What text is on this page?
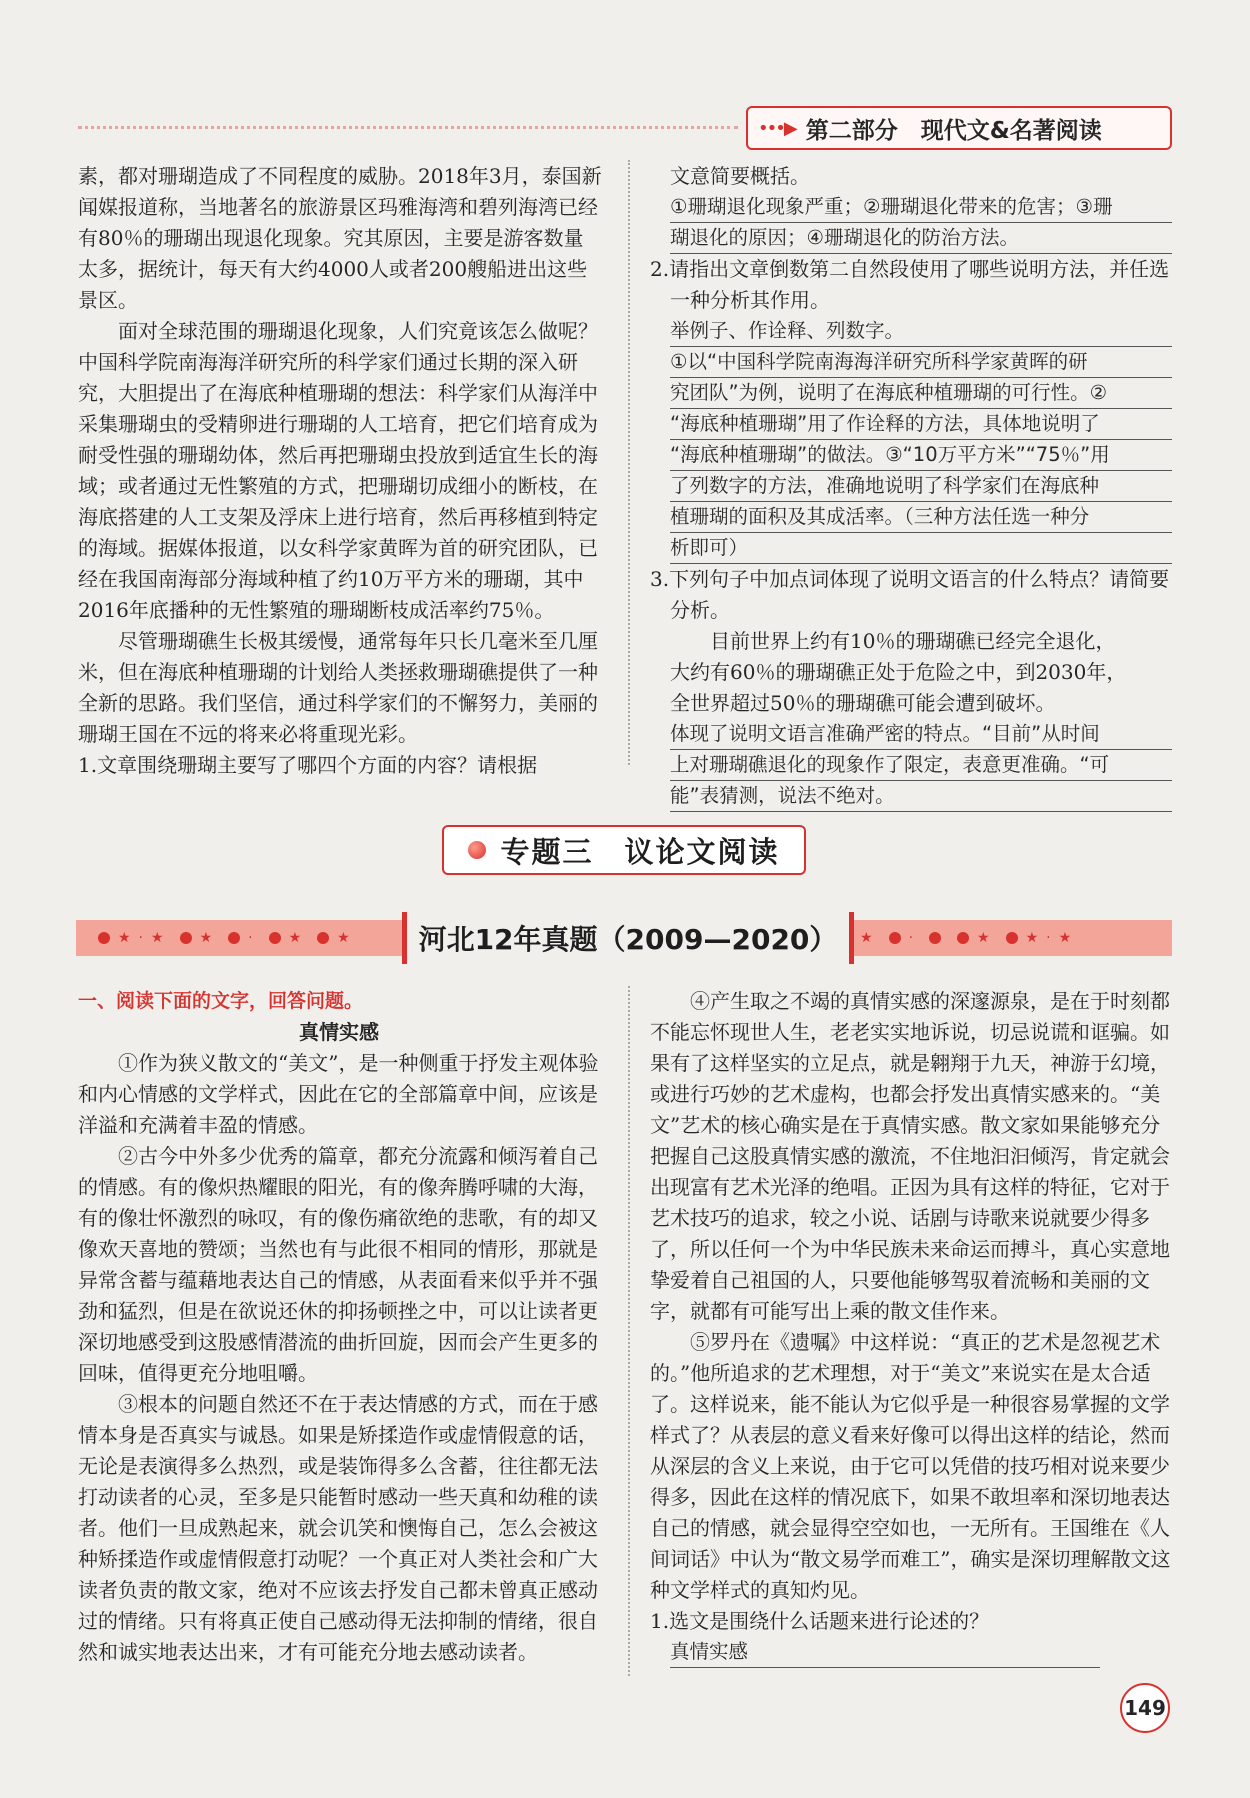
•••▶ 第二部分　现代文&名著阅读

素，都对珊瑚造成了不同程度的威胁。2018年3月，泰国新闻媒报道称，当地著名的旅游景区玛雅海湾和碧列海湾已经有80％的珊瑚出现退化现象。究其原因，主要是游客数量太多，据统计，每天有大约4000人或者200艘船进出这些景区。

面对全球范围的珊瑚退化现象，人们究竟该怎么做呢？中国科学院南海海洋研究所的科学家们通过长期的深入研究，大胆提出了在海底种植珊瑚的想法：科学家们从海洋中采集珊瑚虫的受精卵进行珊瑚的人工培育，把它们培育成为耐受性强的珊瑚幼体，然后再把珊瑚虫投放到适宜生长的海域；或者通过无性繁殖的方式，把珊瑚切成细小的断枝，在海底搭建的人工支架及浮床上进行培育，然后再移植到特定的海域。据媒体报道，以女科学家黄晖为首的研究团队，已经在我国南海部分海域种植了约10万平方米的珊瑚，其中2016年底播种的无性繁殖的珊瑚断枝成活率约75％。

尽管珊瑚礁生长极其缓慢，通常每年只长几毫米至几厘米，但在海底种植珊瑚的计划给人类拯救珊瑚礁提供了一种全新的思路。我们坚信，通过科学家们的不懈努力，美丽的珊瑚王国在不远的将来必将重现光彩。

1.文章围绕珊瑚主要写了哪四个方面的内容？请根据

文意简要概括。

①珊瑚退化现象严重；②珊瑚退化带来的危害；③珊
瑚退化的原因；④珊瑚退化的防治方法。

2.请指出文章倒数第二自然段使用了哪些说明方法，并任选一种分析其作用。

举例子、作诠释、列数字。
①以“中国科学院南海海洋研究所科学家黄晖的研
究团队”为例，说明了在海底种植珊瑚的可行性。②
“海底种植珊瑚”用了作诠释的方法，具体地说明了
“海底种植珊瑚”的做法。③“10万平方米”“75％”用
了列数字的方法，准确地说明了科学家们在海底种
植珊瑚的面积及其成活率。（三种方法任选一种分
析即可）

3.下列句子中加点词体现了说明文语言的什么特点？请简要分析。

目前世界上约有10％的珊瑚礁已经完全退化，

大约有60％的珊瑚礁正处于危险之中，到2030年，

全世界超过50％的珊瑚礁可能会遭到破坏。

体现了说明文语言准确严密的特点。“目前”从时间
上对珊瑚礁退化的现象作了限定，表意更准确。“可
能”表猜测，说法不绝对。
专题三　议论文阅读
★·★ ★ · ★ ★	★ ·	★ ★·★
河北12年真题（2009—2020）

一、阅读下面的文字，回答问题。

真情实感

①作为狭义散文的“美文”，是一种侧重于抒发主观体验和内心情感的文学样式，因此在它的全部篇章中间，应该是洋溢和充满着丰盈的情感。

②古今中外多少优秀的篇章，都充分流露和倾泻着自己的情感。有的像炽热耀眼的阳光，有的像奔腾呼啸的大海，有的像壮怀激烈的咏叹，有的像伤痛欲绝的悲歌，有的却又像欢天喜地的赞颂；当然也有与此很不相同的情形，那就是异常含蓄与蕴藉地表达自己的情感，从表面看来似乎并不强劲和猛烈，但是在欲说还休的抑扬顿挫之中，可以让读者更深切地感受到这股感情潜流的曲折回旋，因而会产生更多的回味，值得更充分地咀嚼。

③根本的问题自然还不在于表达情感的方式，而在于感情本身是否真实与诚恳。如果是矫揉造作或虚情假意的话，无论是表演得多么热烈，或是装饰得多么含蓄，往往都无法打动读者的心灵，至多是只能暂时感动一些天真和幼稚的读者。他们一旦成熟起来，就会讥笑和懊悔自己，怎么会被这种矫揉造作或虚情假意打动呢？一个真正对人类社会和广大读者负责的散文家，绝对不应该去抒发自己都未曾真正感动过的情绪。只有将真正使自己感动得无法抑制的情绪，很自然和诚实地表达出来，才有可能充分地去感动读者。

④产生取之不竭的真情实感的深邃源泉，是在于时刻都不能忘怀现世人生，老老实实地诉说，切忌说谎和诓骗。如果有了这样坚实的立足点，就是翱翔于九天，神游于幻境，或进行巧妙的艺术虚构，也都会抒发出真情实感来的。“美文”艺术的核心确实是在于真情实感。散文家如果能够充分把握自己这股真情实感的激流，不住地汩汩倾泻，肯定就会出现富有艺术光泽的绝唱。正因为具有这样的特征，它对于艺术技巧的追求，较之小说、话剧与诗歌来说就要少得多了，所以任何一个为中华民族未来命运而搏斗，真心实意地挚爱着自己祖国的人，只要他能够驾驭着流畅和美丽的文字，就都有可能写出上乘的散文佳作来。

⑤罗丹在《遗嘱》中这样说：“真正的艺术是忽视艺术的。”他所追求的艺术理想，对于“美文”来说实在是太合适了。这样说来，能不能认为它似乎是一种很容易掌握的文学样式了？从表层的意义看来好像可以得出这样的结论，然而从深层的含义上来说，由于它可以凭借的技巧相对说来要少得多，因此在这样的情况底下，如果不敢坦率和深切地表达自己的情感，就会显得空空如也，一无所有。王国维在《人间词话》中认为“散文易学而难工”，确实是深切理解散文这种文学样式的真知灼见。

1.选文是围绕什么话题来进行论述的？

真情实感
149
